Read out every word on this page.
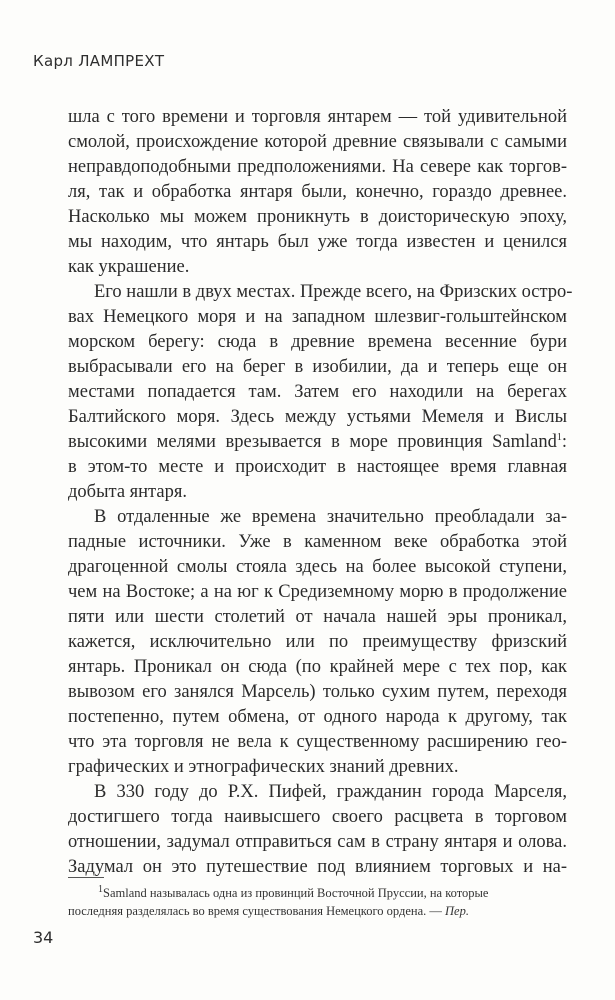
Карл ЛАМПРЕХТ
шла с того времени и торговля янтарем — той удивительной
смолой, происхождение которой древние связывали с самыми
неправдоподобными предположениями. На севере как торгов-
ля, так и обработка янтаря были, конечно, гораздо древнее.
Насколько мы можем проникнуть в доисторическую эпоху,
мы находим, что янтарь был уже тогда известен и ценился
как украшение.
Его нашли в двух местах. Прежде всего, на Фризских остро-
вах Немецкого моря и на западном шлезвиг-гольштейнском
морском берегу: сюда в древние времена весенние бури
выбрасывали его на берег в изобилии, да и теперь еще он
местами попадается там. Затем его находили на берегах
Балтийского моря. Здесь между устьями Мемеля и Вислы
высокими мелями врезывается в море провинция Samland$^1$:
в этом-то месте и происходит в настоящее время главная
добыта янтаря.
В отдаленные же времена значительно преобладали за-
падные источники. Уже в каменном веке обработка этой
драгоценной смолы стояла здесь на более высокой ступени,
чем на Востоке; а на юг к Средиземному морю в продолжение
пяти или шести столетий от начала нашей эры проникал,
кажется, исключительно или по преимуществу фризский
янтарь. Проникал он сюда (по крайней мере с тех пор, как
вывозом его занялся Марсель) только сухим путем, переходя
постепенно, путем обмена, от одного народа к другому, так
что эта торговля не вела к существенному расширению гео-
графических и этнографических знаний древних.
В 330 году до Р.Х. Пифей, гражданин города Марселя,
достигшего тогда наивысшего своего расцвета в торговом
отношении, задумал отправиться сам в страну янтаря и олова.
Задумал он это путешествие под влиянием торговых и на-
$^1$Samland называлась одна из провинций Восточной Пруссии, на которые
последняя разделялась во время существования Немецкого ордена. — Пер.
34
